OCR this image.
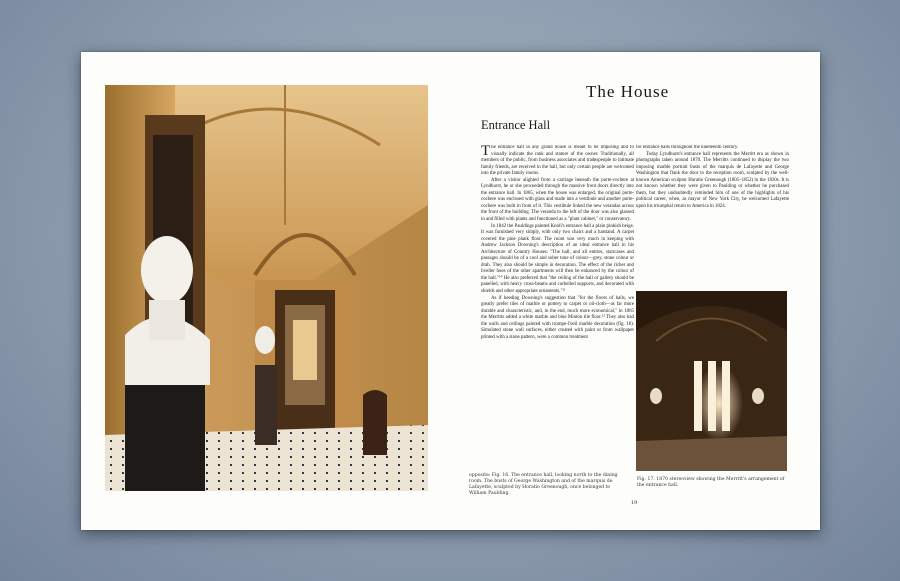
opposite: Fig. 16. The entrance hall, looking north to the dining room. The busts of George Washington and of the marquis de Lafayette, sculpted by Horatio Greenough, once belonged to William Paulding.
The House
Entrance Hall

The entrance hall in any grand house is meant to be imposing and to visually indicate the rank and stature of the owner. Traditionally, all members of the public, from business associates and tradespeople to intimate family friends, are received in the hall, but only certain people are welcomed into the private family rooms.

After a visitor alighted from a carriage beneath the porte-cochere at Lyndhurst, he or she proceeded through the massive front doors directly into the entrance hall. In 1865, when the house was enlarged, the original porte-cochere was enclosed with glass and made into a vestibule and another porte-cochere was built in front of it. This vestibule linked the new verandas across the front of the building. The veranda to the left of the door was also glassed in and filled with plants and functioned as a "plant cabinet," or conservatory.

In 1842 the Pauldings painted Knoll's entrance hall a plain pinkish beige. It was furnished very simply, with only two chairs and a hatstand. A carpet covered the pine plank floor. The room was very much in keeping with Andrew Jackson Downing's description of an ideal entrance hall in his Architecture of Country Houses: "The hall, and all entries, staircases and passages should be of a cool and sober tone of colour—grey, stone colour or drab. They also should be simple in decoration. The effect of the richer and livelier hues of the other apartments will then be enhanced by the colour of the hall."¹⁰ He also preferred that "the ceiling of the hall or gallery should be panelled, with heavy cross-beams and corbelled supports, and decorated with shields and other appropriate ornaments."¹¹

As if heeding Downing's suggestion that "for the floors of halls, we greatly prefer tiles of marble or pottery to carpet or oil-cloth—as far more durable and characteristic, and, in the end, much more economical," in 1865 the Merritts added a white marble and blue Minton tile floor.¹² They also had the walls and ceilings painted with trompe-l'oeil marble decoration (fig. 16). Simulated stone wall surfaces, either created with paint or from wallpaper printed with a stone pattern, were a common treatment

for entrance halls throughout the nineteenth century.

Today Lyndhurst's entrance hall represents the Merritt era as shown in photographs taken around 1870. The Merritts continued to display the two imposing marble portrait busts of the marquis de Lafayette and George Washington that flank the door to the reception room, sculpted by the well-known American sculptor Horatio Greenough (1805–1852) in the 1830s. It is not known whether they were given to Paulding or whether he purchased them, but they undoubtedly reminded him of one of the highlights of his political career, when, as mayor of New York City, he welcomed Lafayette upon his triumphal return to America in 1824.

Fig. 17. 1870 stereoview showing the Merritt's arrangement of the entrance hall.
19
